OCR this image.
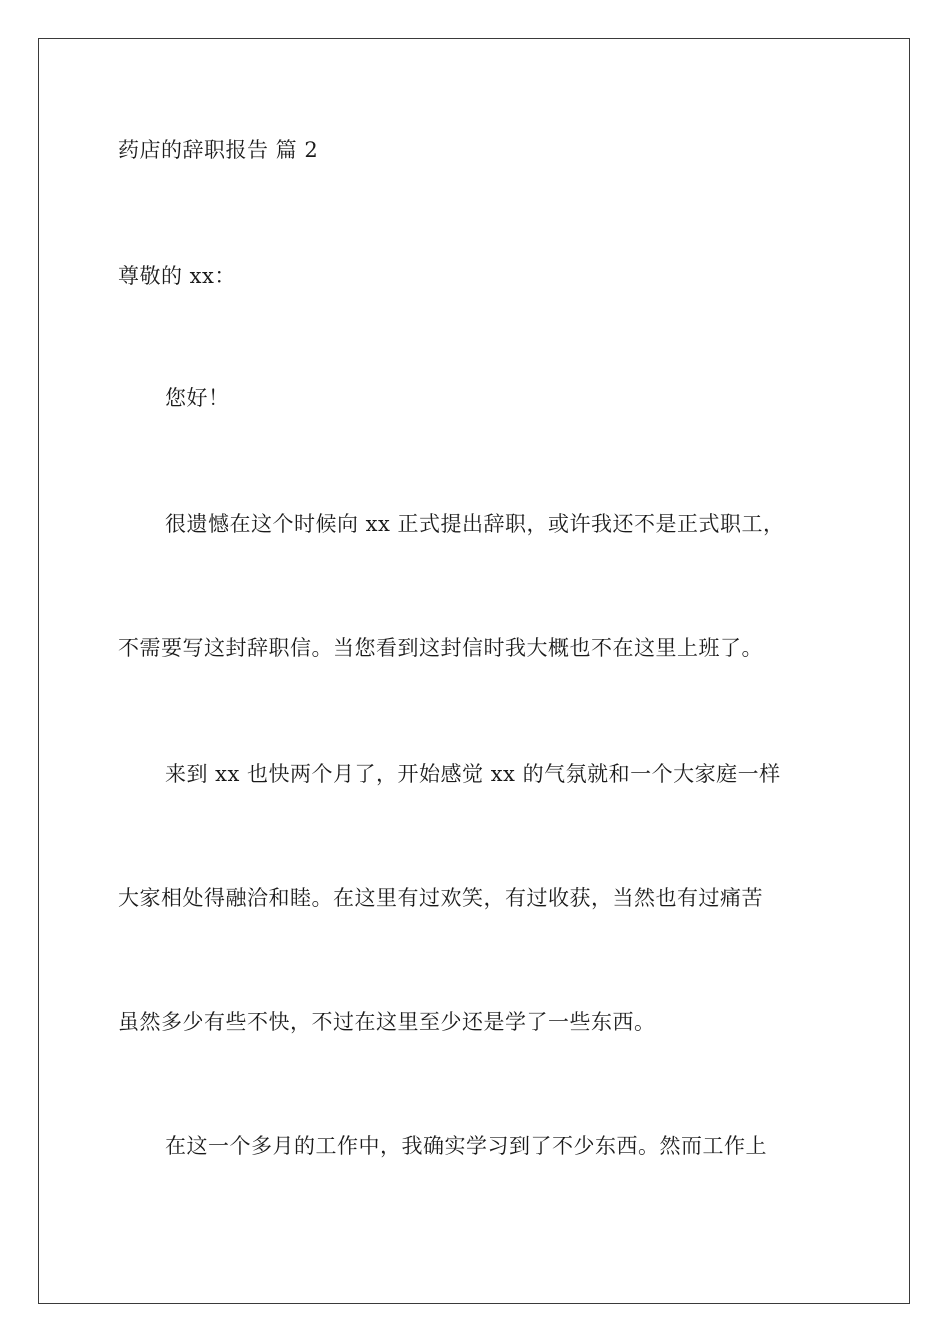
药店的辞职报告 篇 2
尊敬的 xx：
您好！
很遗憾在这个时候向 xx 正式提出辞职，或许我还不是正式职工，
不需要写这封辞职信。当您看到这封信时我大概也不在这里上班了。
来到 xx 也快两个月了，开始感觉 xx 的气氛就和一个大家庭一样
大家相处得融洽和睦。在这里有过欢笑，有过收获，当然也有过痛苦
虽然多少有些不快，不过在这里至少还是学了一些东西。
在这一个多月的工作中，我确实学习到了不少东西。然而工作上
